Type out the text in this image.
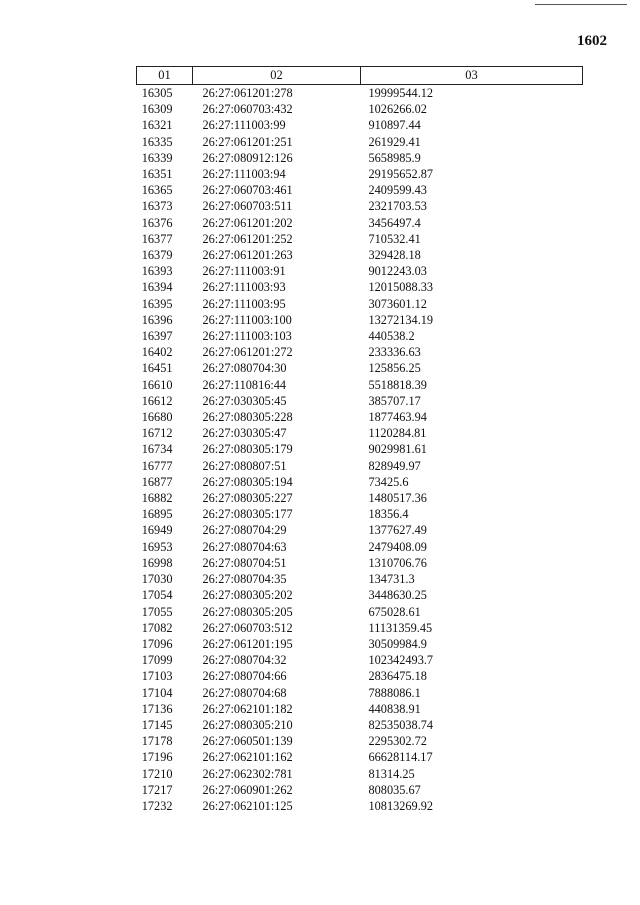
1602
01	02	03
16305	26:27:061201:278	19999544.12
16309	26:27:060703:432	1026266.02
16321	26:27:111003:99	910897.44
16335	26:27:061201:251	261929.41
16339	26:27:080912:126	5658985.9
16351	26:27:111003:94	29195652.87
16365	26:27:060703:461	2409599.43
16373	26:27:060703:511	2321703.53
16376	26:27:061201:202	3456497.4
16377	26:27:061201:252	710532.41
16379	26:27:061201:263	329428.18
16393	26:27:111003:91	9012243.03
16394	26:27:111003:93	12015088.33
16395	26:27:111003:95	3073601.12
16396	26:27:111003:100	13272134.19
16397	26:27:111003:103	440538.2
16402	26:27:061201:272	233336.63
16451	26:27:080704:30	125856.25
16610	26:27:110816:44	5518818.39
16612	26:27:030305:45	385707.17
16680	26:27:080305:228	1877463.94
16712	26:27:030305:47	1120284.81
16734	26:27:080305:179	9029981.61
16777	26:27:080807:51	828949.97
16877	26:27:080305:194	73425.6
16882	26:27:080305:227	1480517.36
16895	26:27:080305:177	18356.4
16949	26:27:080704:29	1377627.49
16953	26:27:080704:63	2479408.09
16998	26:27:080704:51	1310706.76
17030	26:27:080704:35	134731.3
17054	26:27:080305:202	3448630.25
17055	26:27:080305:205	675028.61
17082	26:27:060703:512	11131359.45
17096	26:27:061201:195	30509984.9
17099	26:27:080704:32	102342493.7
17103	26:27:080704:66	2836475.18
17104	26:27:080704:68	7888086.1
17136	26:27:062101:182	440838.91
17145	26:27:080305:210	82535038.74
17178	26:27:060501:139	2295302.72
17196	26:27:062101:162	66628114.17
17210	26:27:062302:781	81314.25
17217	26:27:060901:262	808035.67
17232	26:27:062101:125	10813269.92
